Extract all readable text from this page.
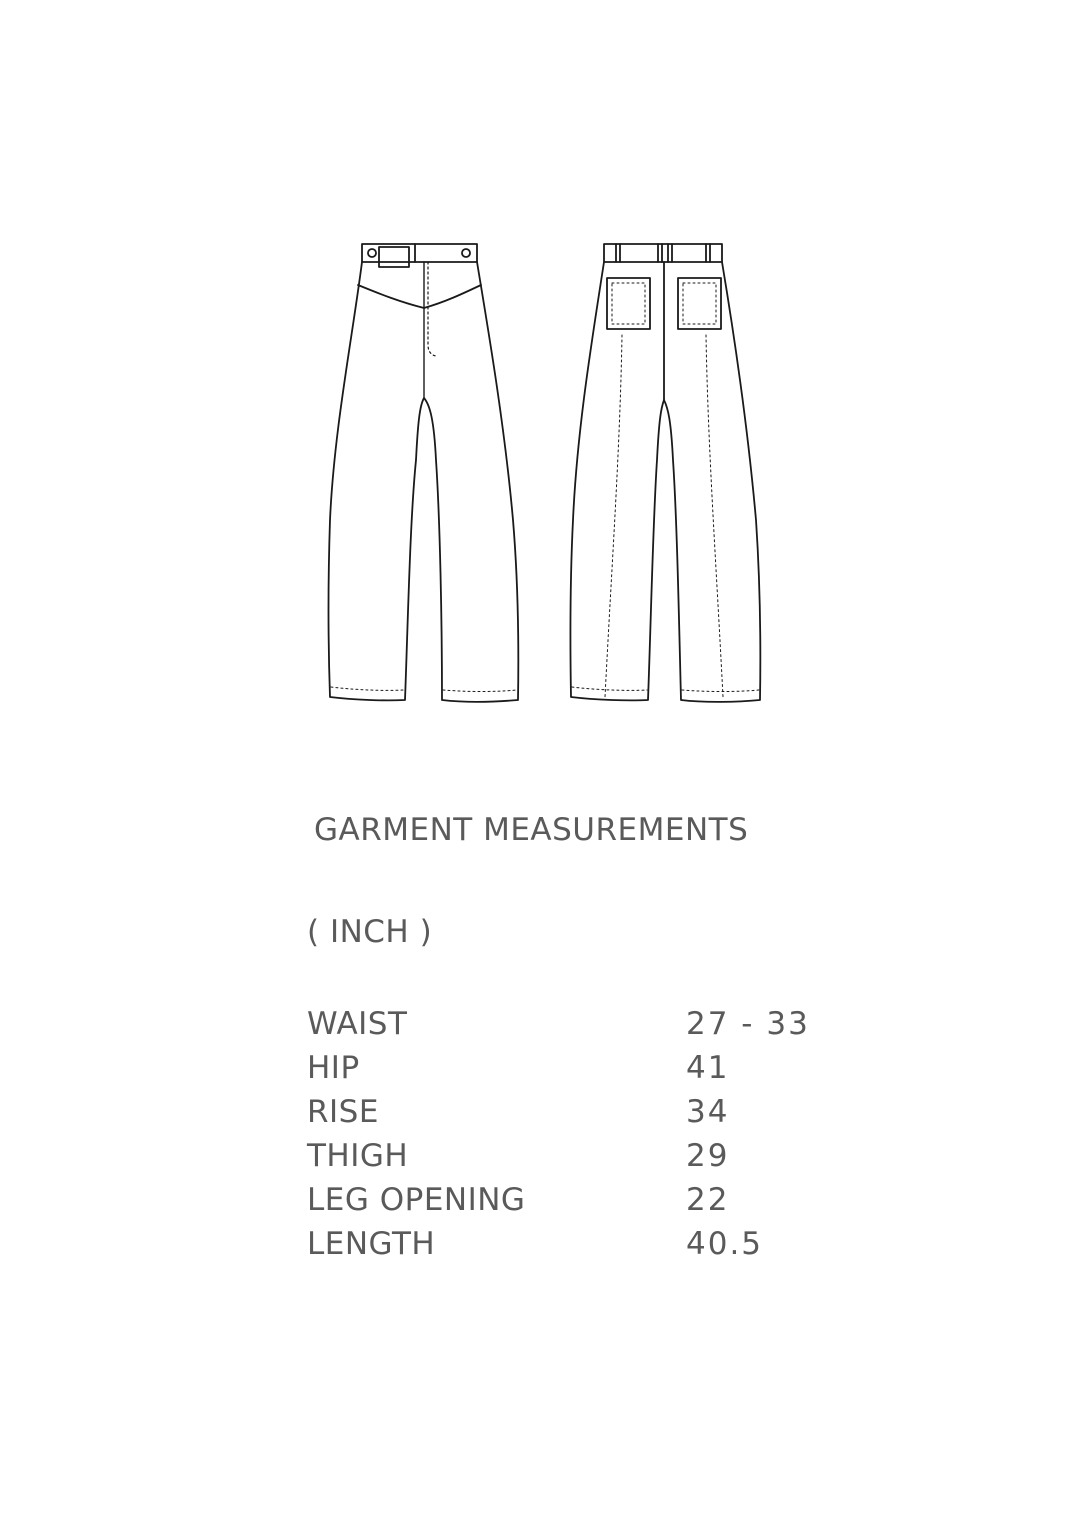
GARMENT MEASUREMENTS
( INCH )
WAIST	27 - 33
HIP	41
RISE	34
THIGH	29
LEG OPENING	22
LENGTH	40.5
